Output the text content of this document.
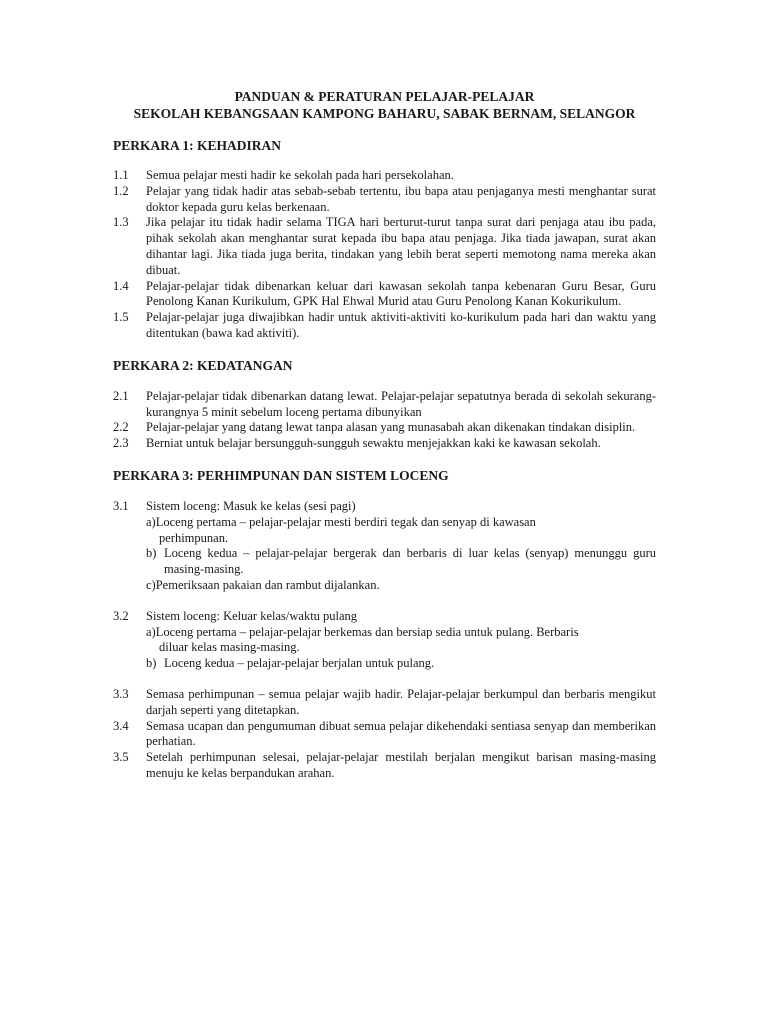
PANDUAN & PERATURAN PELAJAR-PELAJAR

SEKOLAH KEBANGSAAN KAMPONG BAHARU, SABAK BERNAM, SELANGOR

PERKARA 1: KEHADIRAN

1.1 Semua pelajar mesti hadir ke sekolah pada hari persekolahan.
1.2 Pelajar yang tidak hadir atas sebab-sebab tertentu, ibu bapa atau penjaganya mesti menghantar surat doktor kepada guru kelas berkenaan.
1.3 Jika pelajar itu tidak hadir selama TIGA hari berturut-turut tanpa surat dari penjaga atau ibu pada, pihak sekolah akan menghantar surat kepada ibu bapa atau penjaga. Jika tiada jawapan, surat akan dihantar lagi. Jika tiada juga berita, tindakan yang lebih berat seperti memotong nama mereka akan dibuat.
1.4 Pelajar-pelajar tidak dibenarkan keluar dari kawasan sekolah tanpa kebenaran Guru Besar, Guru Penolong Kanan Kurikulum, GPK Hal Ehwal Murid atau Guru Penolong Kanan Kokurikulum.
1.5 Pelajar-pelajar juga diwajibkan hadir untuk aktiviti-aktiviti ko-kurikulum pada hari dan waktu yang ditentukan (bawa kad aktiviti).

PERKARA 2: KEDATANGAN

2.1 Pelajar-pelajar tidak dibenarkan datang lewat. Pelajar-pelajar sepatutnya berada di sekolah sekurang-kurangnya 5 minit sebelum loceng pertama dibunyikan
2.2 Pelajar-pelajar yang datang lewat tanpa alasan yang munasabah akan dikenakan tindakan disiplin.
2.3 Berniat untuk belajar bersungguh-sungguh sewaktu menjejakkan kaki ke kawasan sekolah.

PERKARA 3: PERHIMPUNAN DAN SISTEM LOCENG

3.1 Sistem loceng: Masuk ke kelas (sesi pagi)
a)Loceng pertama – pelajar-pelajar mesti berdiri tegak dan senyap di kawasan
perhimpunan.
b) Loceng kedua – pelajar-pelajar bergerak dan berbaris di luar kelas (senyap) menunggu guru masing-masing.
c)Pemeriksaan pakaian dan rambut dijalankan.
3.2 Sistem loceng: Keluar kelas/waktu pulang
a)Loceng pertama – pelajar-pelajar berkemas dan bersiap sedia untuk pulang. Berbaris
diluar kelas masing-masing.
b) Loceng kedua – pelajar-pelajar berjalan untuk pulang.
3.3 Semasa perhimpunan – semua pelajar wajib hadir. Pelajar-pelajar berkumpul dan berbaris mengikut darjah seperti yang ditetapkan.
3.4 Semasa ucapan dan pengumuman dibuat semua pelajar dikehendaki sentiasa senyap dan memberikan perhatian.
3.5 Setelah perhimpunan selesai, pelajar-pelajar mestilah berjalan mengikut barisan masing-masing menuju ke kelas berpandukan arahan.
